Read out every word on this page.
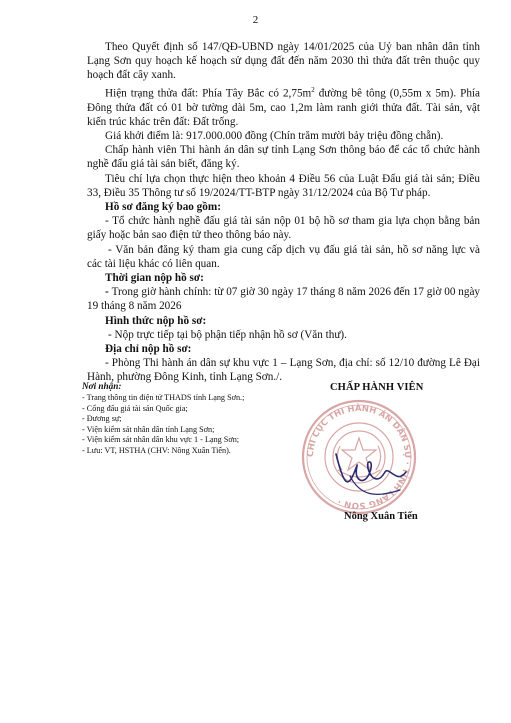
2

Theo Quyết định số 147/QĐ-UBND ngày 14/01/2025 của Uỷ ban nhân dân tỉnh Lạng Sơn quy hoạch kế hoạch sử dụng đất đến năm 2030 thì thửa đất trên thuộc quy hoạch đất cây xanh.

Hiện trạng thửa đất: Phía Tây Bắc có $2,75m^2$ đường bê tông (0,55m x 5m). Phía Đông thửa đất có 01 bờ tường dài 5m, cao 1,2m làm ranh giới thửa đất. Tài sản, vật kiến trúc khác trên đất: Đất trống.

Giá khởi điểm là: 917.000.000 đồng (Chín trăm mười bảy triệu đồng chẵn).

Chấp hành viên Thi hành án dân sự tỉnh Lạng Sơn thông báo để các tổ chức hành nghề đấu giá tài sản biết, đăng ký.

Tiêu chí lựa chọn thực hiện theo khoản 4 Điều 56 của Luật Đấu giá tài sản; Điều 33, Điều 35 Thông tư số 19/2024/TT-BTP ngày 31/12/2024 của Bộ Tư pháp.

Hồ sơ đăng ký bao gồm:

- Tổ chức hành nghề đấu giá tài sản nộp 01 bộ hồ sơ tham gia lựa chọn bằng bản giấy hoặc bản sao điện tử theo thông báo này.

- Văn bản đăng ký tham gia cung cấp dịch vụ đấu giá tài sản, hồ sơ năng lực và các tài liệu khác có liên quan.

Thời gian nộp hồ sơ:

- Trong giờ hành chính: từ 07 giờ 30 ngày 17 tháng 8 năm 2026 đến 17 giờ 00 ngày 19 tháng 8 năm 2026

Hình thức nộp hồ sơ:

- Nộp trực tiếp tại bộ phận tiếp nhận hồ sơ (Văn thư).

Địa chỉ nộp hồ sơ:

- Phòng Thi hành án dân sự khu vực 1 – Lạng Sơn, địa chỉ: số 12/10 đường Lê Đại Hành, phường Đông Kinh, tỉnh Lạng Sơn./.

Nơi nhận:
- Trang thông tin điện tử THADS tỉnh Lạng Sơn.;
- Cổng đấu giá tài sản Quốc gia;
- Đương sự;
- Viện kiểm sát nhân dân tỉnh Lạng Sơn;
- Viện kiểm sát nhân dân khu vực 1 - Lạng Sơn;
- Lưu: VT, HSTHA (CHV: Nông Xuân Tiến).
CHẤP HÀNH VIÊN
CHI CỤC THI HÀNH ÁN DÂN SỰ · TỈNH LẠNG SƠN ·
Nông Xuân Tiến
